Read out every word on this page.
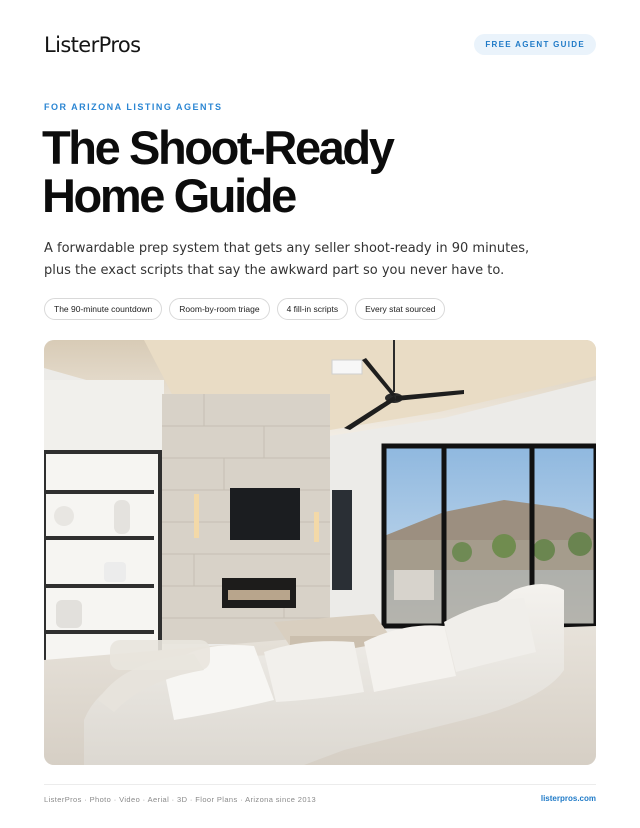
ListerPros	FREE AGENT GUIDE
FOR ARIZONA LISTING AGENTS
The Shoot-Ready
Home Guide

A forwardable prep system that gets any seller shoot-ready in 90 minutes,
plus the exact scripts that say the awkward part so you never have to.

The 90-minute countdown	Room-by-room triage	4 fill-in scripts	Every stat sourced
ListerPros · Photo · Video · Aerial · 3D · Floor Plans · Arizona since 2013	listerpros.com
